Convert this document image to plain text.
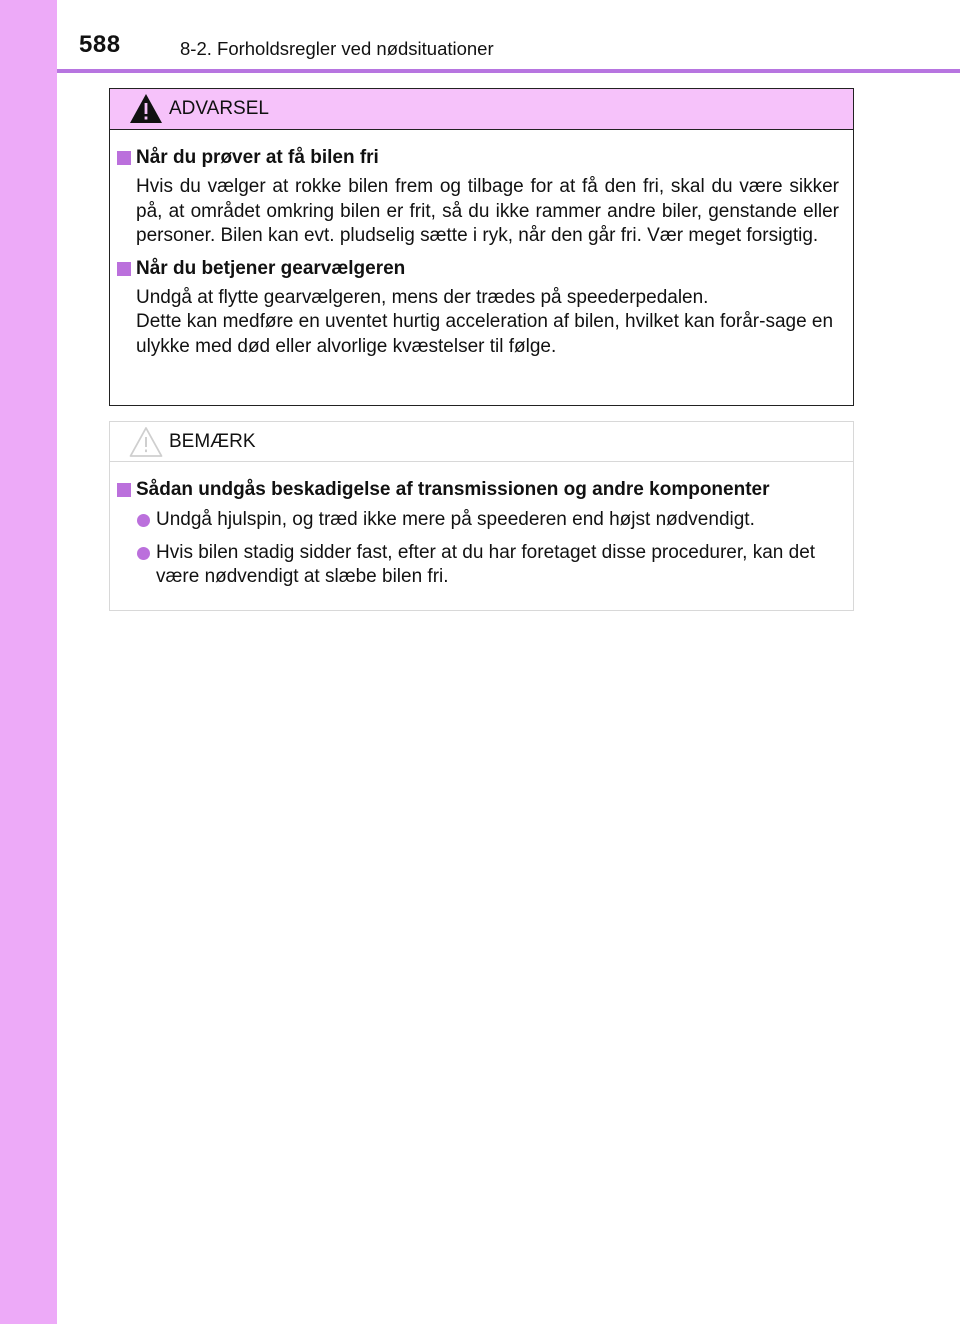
588	8-2. Forholdsregler ved nødsituationer
ADVARSEL
Når du prøver at få bilen fri
Hvis du vælger at rokke bilen frem og tilbage for at få den fri, skal du være sikker på, at området omkring bilen er frit, så du ikke rammer andre biler, genstande eller personer. Bilen kan evt. pludselig sætte i ryk, når den går fri. Vær meget forsigtig.
Når du betjener gearvælgeren
Undgå at flytte gearvælgeren, mens der trædes på speederpedalen.
Dette kan medføre en uventet hurtig acceleration af bilen, hvilket kan forår-sage en ulykke med død eller alvorlige kvæstelser til følge.
BEMÆRK
Sådan undgås beskadigelse af transmissionen og andre komponenter
Undgå hjulspin, og træd ikke mere på speederen end højst nødvendigt.
Hvis bilen stadig sidder fast, efter at du har foretaget disse procedurer, kan det være nødvendigt at slæbe bilen fri.
